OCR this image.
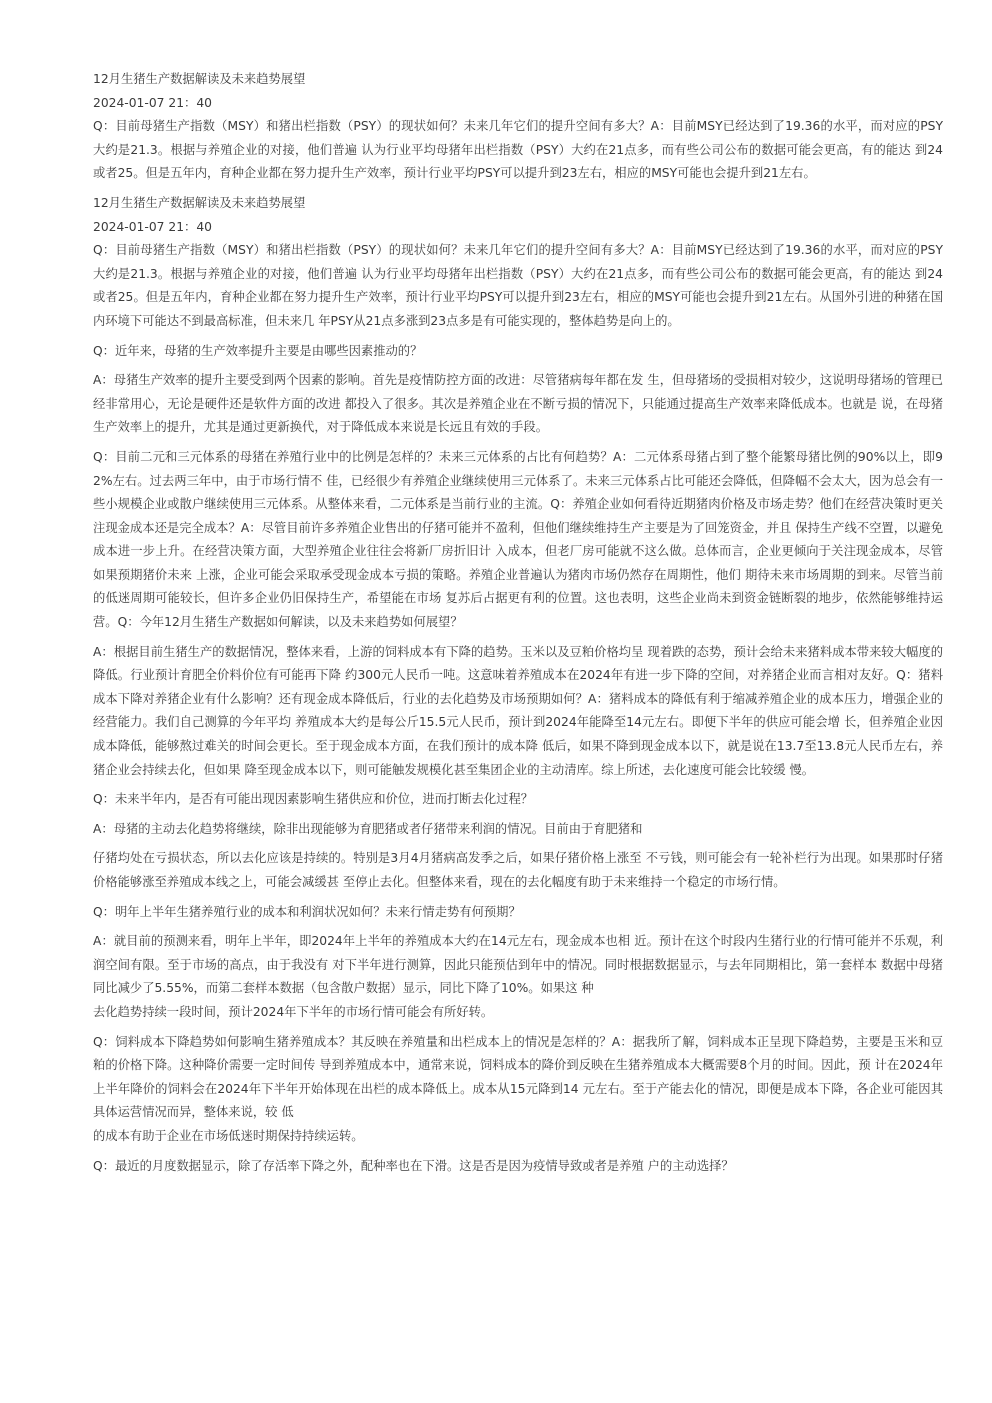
12月生猪生产数据解读及未来趋势展望

2024-01-07 21：40

Q：目前母猪生产指数（MSY）和猪出栏指数（PSY）的现状如何？未来几年它们的提升空间有多大？A：目前MSY已经达到了19.36的水平，而对应的PSY大约是21.3。根据与养殖企业的对接，他们普遍 认为行业平均母猪年出栏指数（PSY）大约在21点多，而有些公司公布的数据可能会更高，有的能达 到24或者25。但是五年内，育种企业都在努力提升生产效率，预计行业平均PSY可以提升到23左右，相应的MSY可能也会提升到21左右。

12月生猪生产数据解读及未来趋势展望

2024-01-07 21：40

Q：目前母猪生产指数（MSY）和猪出栏指数（PSY）的现状如何？未来几年它们的提升空间有多大？A：目前MSY已经达到了19.36的水平，而对应的PSY大约是21.3。根据与养殖企业的对接，他们普遍 认为行业平均母猪年出栏指数（PSY）大约在21点多，而有些公司公布的数据可能会更高，有的能达 到24或者25。但是五年内，育种企业都在努力提升生产效率，预计行业平均PSY可以提升到23左右，相应的MSY可能也会提升到21左右。从国外引进的种猪在国内环境下可能达不到最高标准，但未来几 年PSY从21点多涨到23点多是有可能实现的，整体趋势是向上的。

Q：近年来，母猪的生产效率提升主要是由哪些因素推动的？

A：母猪生产效率的提升主要受到两个因素的影响。首先是疫情防控方面的改进：尽管猪病每年都在发 生，但母猪场的受损相对较少，这说明母猪场的管理已经非常用心，无论是硬件还是软件方面的改进 都投入了很多。其次是养殖企业在不断亏损的情况下，只能通过提高生产效率来降低成本。也就是 说，在母猪生产效率上的提升，尤其是通过更新换代，对于降低成本来说是长远且有效的手段。

Q：目前二元和三元体系的母猪在养殖行业中的比例是怎样的？未来三元体系的占比有何趋势？A：二元体系母猪占到了整个能繁母猪比例的90%以上，即92%左右。过去两三年中，由于市场行情不 佳，已经很少有养殖企业继续使用三元体系了。未来三元体系占比可能还会降低，但降幅不会太大，因为总会有一些小规模企业或散户继续使用三元体系。从整体来看，二元体系是当前行业的主流。Q：养殖企业如何看待近期猪肉价格及市场走势？他们在经营决策时更关注现金成本还是完全成本？A：尽管目前许多养殖企业售出的仔猪可能并不盈利，但他们继续维持生产主要是为了回笼资金，并且 保持生产线不空置，以避免成本进一步上升。在经营决策方面，大型养殖企业往往会将新厂房折旧计 入成本，但老厂房可能就不这么做。总体而言，企业更倾向于关注现金成本，尽管如果预期猪价未来 上涨，企业可能会采取承受现金成本亏损的策略。养殖企业普遍认为猪肉市场仍然存在周期性，他们 期待未来市场周期的到来。尽管当前的低迷周期可能较长，但许多企业仍旧保持生产，希望能在市场 复苏后占据更有利的位置。这也表明，这些企业尚未到资金链断裂的地步，依然能够维持运营。Q：今年12月生猪生产数据如何解读，以及未来趋势如何展望？

A：根据目前生猪生产的数据情况，整体来看，上游的饲料成本有下降的趋势。玉米以及豆粕价格均呈 现着跌的态势，预计会给未来猪料成本带来较大幅度的降低。行业预计育肥全价料价位有可能再下降 约300元人民币一吨。这意味着养殖成本在2024年有进一步下降的空间，对养猪企业而言相对友好。Q：猪料成本下降对养猪企业有什么影响？还有现金成本降低后，行业的去化趋势及市场预期如何？A：猪料成本的降低有利于缩减养殖企业的成本压力，增强企业的经营能力。我们自己测算的今年平均 养殖成本大约是每公斤15.5元人民币，预计到2024年能降至14元左右。即便下半年的供应可能会增 长，但养殖企业因成本降低，能够熬过难关的时间会更长。至于现金成本方面，在我们预计的成本降 低后，如果不降到现金成本以下，就是说在13.7至13.8元人民币左右，养猪企业会持续去化，但如果 降至现金成本以下，则可能触发规模化甚至集团企业的主动清库。综上所述，去化速度可能会比较缓 慢。

Q：未来半年内，是否有可能出现因素影响生猪供应和价位，进而打断去化过程？

A：母猪的主动去化趋势将继续，除非出现能够为育肥猪或者仔猪带来利润的情况。目前由于育肥猪和

仔猪均处在亏损状态，所以去化应该是持续的。特别是3月4月猪病高发季之后，如果仔猪价格上涨至 不亏钱，则可能会有一轮补栏行为出现。如果那时仔猪价格能够涨至养殖成本线之上，可能会减缓甚 至停止去化。但整体来看，现在的去化幅度有助于未来维持一个稳定的市场行情。

Q：明年上半年生猪养殖行业的成本和利润状况如何？未来行情走势有何预期？

A：就目前的预测来看，明年上半年，即2024年上半年的养殖成本大约在14元左右，现金成本也相 近。预计在这个时段内生猪行业的行情可能并不乐观，利润空间有限。至于市场的高点，由于我没有 对下半年进行测算，因此只能预估到年中的情况。同时根据数据显示，与去年同期相比，第一套样本 数据中母猪同比减少了5.55%，而第二套样本数据（包含散户数据）显示，同比下降了10%。如果这 种

去化趋势持续一段时间，预计2024年下半年的市场行情可能会有所好转。

Q：饲料成本下降趋势如何影响生猪养殖成本？其反映在养殖量和出栏成本上的情况是怎样的？A：据我所了解，饲料成本正呈现下降趋势，主要是玉米和豆粕的价格下降。这种降价需要一定时间传 导到养殖成本中，通常来说，饲料成本的降价到反映在生猪养殖成本大概需要8个月的时间。因此，预 计在2024年上半年降价的饲料会在2024年下半年开始体现在出栏的成本降低上。成本从15元降到14 元左右。至于产能去化的情况，即便是成本下降，各企业可能因其具体运营情况而异，整体来说，较 低

的成本有助于企业在市场低迷时期保持持续运转。

Q：最近的月度数据显示，除了存活率下降之外，配种率也在下滑。这是否是因为疫情导致或者是养殖 户的主动选择？
